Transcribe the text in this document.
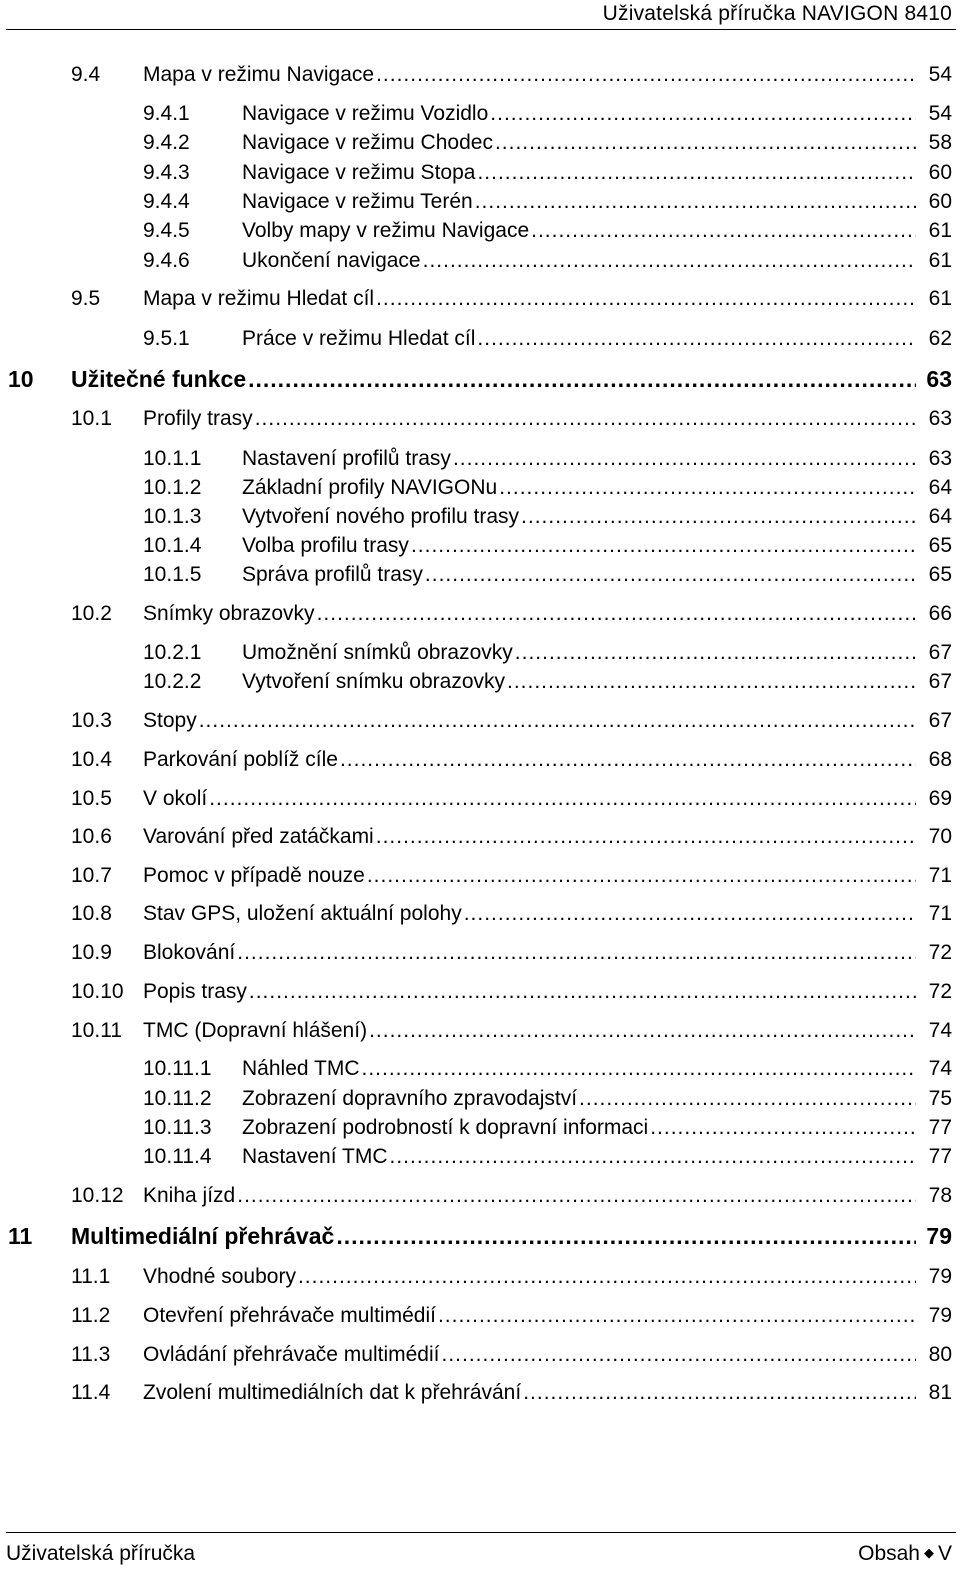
Uživatelská příručka NAVIGON 8410
9.4 Mapa v režimu Navigace .....	54
9.4.1 Navigace v režimu Vozidlo .....	54
9.4.2 Navigace v režimu Chodec .....	58
9.4.3 Navigace v režimu Stopa .....	60
9.4.4 Navigace v režimu Terén .....	60
9.4.5 Volby mapy v režimu Navigace .....	61
9.4.6 Ukončení navigace .....	61
9.5 Mapa v režimu Hledat cíl .....	61
9.5.1 Práce v režimu Hledat cíl .....	62
10 Užitečné funkce .....	63
10.1 Profily trasy .....	63
10.1.1 Nastavení profilů trasy .....	63
10.1.2 Základní profily NAVIGONu .....	64
10.1.3 Vytvoření nového profilu trasy .....	64
10.1.4 Volba profilu trasy .....	65
10.1.5 Správa profilů trasy .....	65
10.2 Snímky obrazovky .....	66
10.2.1 Umožnění snímků obrazovky .....	67
10.2.2 Vytvoření snímku obrazovky .....	67
10.3 Stopy .....	67
10.4 Parkování poblíž cíle .....	68
10.5 V okolí .....	69
10.6 Varování před zatáčkami .....	70
10.7 Pomoc v případě nouze .....	71
10.8 Stav GPS, uložení aktuální polohy .....	71
10.9 Blokování .....	72
10.10 Popis trasy .....	72
10.11 TMC (Dopravní hlášení) .....	74
10.11.1 Náhled TMC .....	74
10.11.2 Zobrazení dopravního zpravodajství .....	75
10.11.3 Zobrazení podrobností k dopravní informaci .....	77
10.11.4 Nastavení TMC .....	77
10.12 Kniha jízd .....	78
11 Multimediální přehrávač .....	79
11.1 Vhodné soubory .....	79
11.2 Otevření přehrávače multimédií .....	79
11.3 Ovládání přehrávače multimédií .....	80
11.4 Zvolení multimediálních dat k přehrávání .....	81
Uživatelská příručka	Obsah ◆ V
